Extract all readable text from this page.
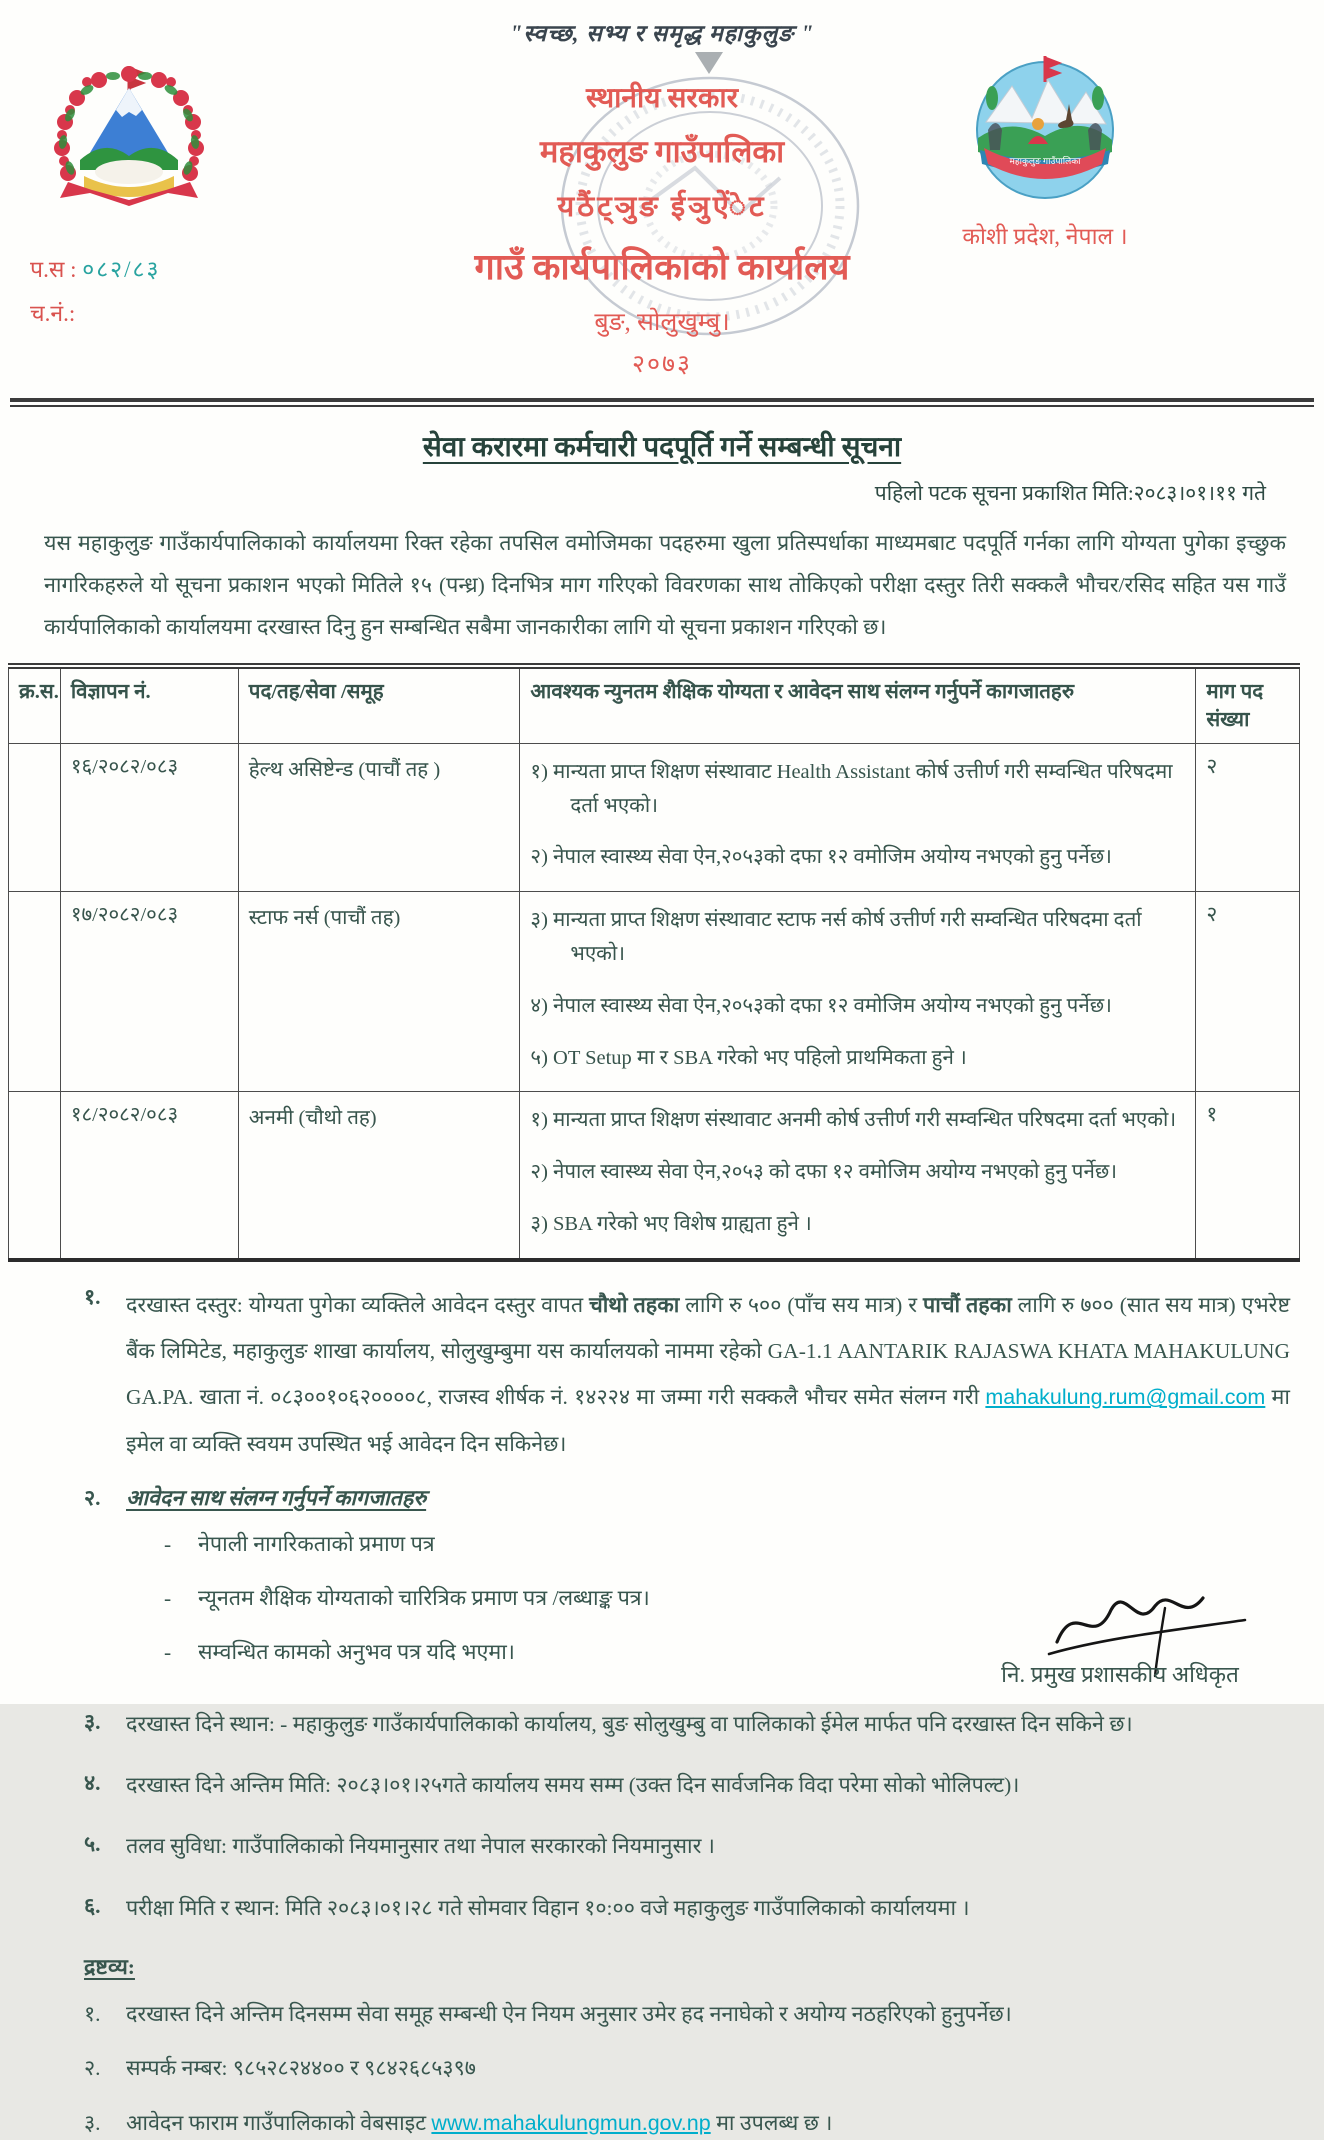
"स्वच्छ, सभ्य र समृद्ध महाकुलुङ "
प.स : ०८२/८३
च.नं.:
स्थानीय सरकार
महाकुलुङ गाउँपालिका
यठैंट्ञुङ ईञुऐंेट
गाउँ कार्यपालिकाको कार्यालय
बुङ, सोलुखुम्बु।
२०७३
महाकुलुङ गाउँपालिका
कोशी प्रदेश, नेपाल ।
सेवा करारमा कर्मचारी पदपूर्ति गर्ने सम्बन्धी सूचना
पहिलो पटक सूचना प्रकाशित मिति:२०८३।०१।११ गते

यस महाकुलुङ गाउँकार्यपालिकाको कार्यालयमा रिक्त रहेका तपसिल वमोजिमका पदहरुमा खुला प्रतिस्पर्धाका माध्यमबाट पदपूर्ति गर्नका लागि योग्यता पुगेका इच्छुक नागरिकहरुले यो सूचना प्रकाशन भएको मितिले १५ (पन्ध्र) दिनभित्र माग गरिएको विवरणका साथ तोकिएको परीक्षा दस्तुर तिरी सक्कलै भौचर/रसिद सहित यस गाउँ कार्यपालिकाको कार्यालयमा दरखास्त दिनु हुन सम्बन्धित सबैमा जानकारीका लागि यो सूचना प्रकाशन गरिएको छ।

क्र.स.	विज्ञापन नं.	पद/तह/सेवा /समूह	आवश्यक न्युनतम शैक्षिक योग्यता र आवेदन साथ संलग्न गर्नुपर्ने कागजातहरु	माग पद संख्या
	१६/२०८२/०८३	हेल्थ असिष्टेन्ड (पाचौं तह )	१) मान्यता प्राप्त शिक्षण संस्थावाट Health Assistant कोर्ष उत्तीर्ण गरी सम्वन्धित परिषदमा दर्ता भएको।
२) नेपाल स्वास्थ्य सेवा ऐन,२०५३को दफा १२ वमोजिम अयोग्य नभएको हुनु पर्नेछ।	२
	१७/२०८२/०८३	स्टाफ नर्स (पाचौं तह)	३) मान्यता प्राप्त शिक्षण संस्थावाट स्टाफ नर्स कोर्ष उत्तीर्ण गरी सम्वन्धित परिषदमा दर्ता भएको।
४) नेपाल स्वास्थ्य सेवा ऐन,२०५३को दफा १२ वमोजिम अयोग्य नभएको हुनु पर्नेछ।
५) OT Setup मा र SBA गरेको भए पहिलो प्राथमिकता हुने ।	२
	१८/२०८२/०८३	अनमी (चौथो तह)	१) मान्यता प्राप्त शिक्षण संस्थावाट अनमी कोर्ष उत्तीर्ण गरी सम्वन्धित परिषदमा दर्ता भएको।
२) नेपाल स्वास्थ्य सेवा ऐन,२०५३ को दफा १२ वमोजिम अयोग्य नभएको हुनु पर्नेछ।
३) SBA गरेको भए विशेष ग्राह्यता हुने ।	१
१.	दरखास्त दस्तुर: योग्यता पुगेका व्यक्तिले आवेदन दस्तुर वापत चौथो तहका लागि रु ५०० (पाँच सय मात्र) र पाचौं तहका लागि रु ७०० (सात सय मात्र) एभरेष्ट बैंक लिमिटेड, महाकुलुङ शाखा कार्यालय, सोलुखुम्बुमा यस कार्यालयको नाममा रहेको GA-1.1 AANTARIK RAJASWA KHATA MAHAKULUNG GA.PA. खाता नं. ०८३००१०६२००००८, राजस्व शीर्षक नं. १४२२४ मा जम्मा गरी सक्कलै भौचर समेत संलग्न गरी mahakulung.rum@gmail.com मा इमेल वा व्यक्ति स्वयम उपस्थित भई आवेदन दिन सकिनेछ।
२.	आवेदन साथ संलग्न गर्नुपर्ने कागजातहरु
-	नेपाली नागरिकताको प्रमाण पत्र
-	न्यूनतम शैक्षिक योग्यताको चारित्रिक प्रमाण पत्र /लब्धाङ्क पत्र।
-	सम्वन्धित कामको अनुभव पत्र यदि भएमा।
३.	दरखास्त दिने स्थान: - महाकुलुङ गाउँकार्यपालिकाको कार्यालय, बुङ सोलुखुम्बु वा पालिकाको ईमेल मार्फत पनि दरखास्त दिन सकिने छ।
४.	दरखास्त दिने अन्तिम मिति: २०८३।०१।२५गते कार्यालय समय सम्म (उक्त दिन सार्वजनिक विदा परेमा सोको भोलिपल्ट)।
५.	तलव सुविधा: गाउँपालिकाको नियमानुसार तथा नेपाल सरकारको नियमानुसार ।
६.	परीक्षा मिति र स्थान: मिति २०८३।०१।२८ गते सोमवार विहान १०:०० वजे महाकुलुङ गाउँपालिकाको कार्यालयमा ।
द्रष्टव्य:
१.	दरखास्त दिने अन्तिम दिनसम्म सेवा समूह सम्बन्धी ऐन नियम अनुसार उमेर हद ननाघेको र अयोग्य नठहरिएको हुनुपर्नेछ।
२.	सम्पर्क नम्बर: ९८५२८२४४०० र ९८४२६८५३९७
३.	आवेदन फाराम गाउँपालिकाको वेबसाइट www.mahakulungmun.gov.np मा उपलब्ध छ ।
नि. प्रमुख प्रशासकीय अधिकृत
